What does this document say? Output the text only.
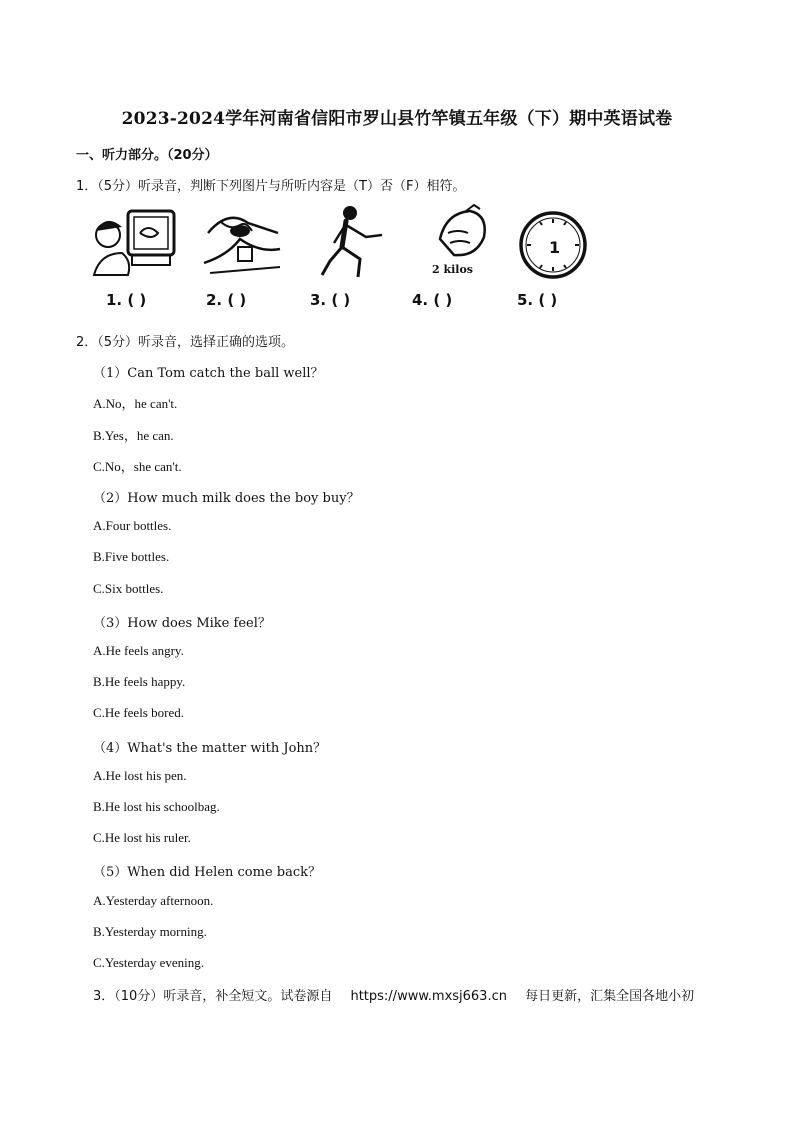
2023-2024学年河南省信阳市罗山县竹竿镇五年级（下）期中英语试卷
一、听力部分。（20分）
1．（5分）听录音，判断下列图片与所听内容是（T）否（F）相符。
2 kilos
1
1. ( )	2. ( )	3. ( )	4. ( )	5. ( )
2．（5分）听录音，选择正确的选项。
（1）Can Tom catch the ball well？
A.No，he can't.
B.Yes，he can.
C.No，she can't.
（2）How much milk does the boy buy？
A.Four bottles.
B.Five bottles.
C.Six bottles.
（3）How does Mike feel？
A.He feels angry.
B.He feels happy.
C.He feels bored.
（4）What's the matter with John？
A.He lost his pen.
B.He lost his schoolbag.
C.He lost his ruler.
（5）When did Helen come back？
A.Yesterday afternoon.
B.Yesterday morning.
C.Yesterday evening.
3．（10分）听录音，补全短文。试卷源自 https://www.mxsj663.cn 每日更新，汇集全国各地小初
